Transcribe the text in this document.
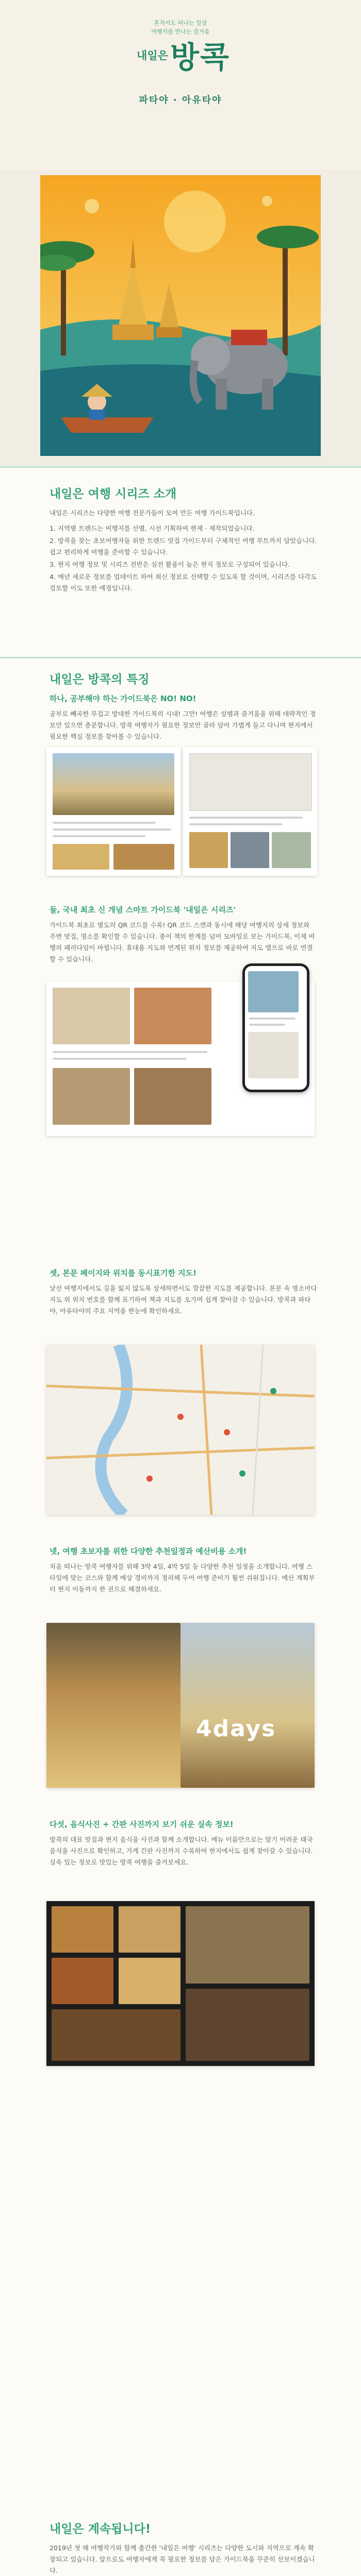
혼자서도 떠나는 일상
여행지를 만나는 즐거움
내일은 방콕
파타야 · 아유타야
내일은 여행 시리즈 소개
내일은 시리즈는 다양한 여행 전문가들이 모여 만든 여행 가이드북입니다.
1. 지역별 트렌드는 여행지를 선별, 시선 기획하여 현재 · 제작되었습니다.
2. 방콕을 찾는 초보여행자들 위한 트렌드 맛집 가이드부터 구체적인 여행 루트까지 담았습니다. 쉽고 편리하게 여행을 준비할 수 있습니다.
3. 현지 여행 정보 및 시리즈 전반은 실전 활용이 높은 현지 정보로 구성되어 있습니다.
4. 매년 새로운 정보를 업데이트 하여 최신 정보로 선택할 수 있도록 할 것이며, 시리즈를 다각도 검토할 이도 또한 예정입니다.
내일은 방콕의 특징
하나, 공부해야 하는 가이드북은 NO! NO!
공부로 빼곡한 무겁고 방대한 가이드북의 시대! 그만! 여행은 설렘과 즐거움을 위해 대략적인 정보만 있으면 충분합니다. 방콕 여행자가 필요한 정보만 골라 담아 가볍게 들고 다니며 현지에서 필요한 핵심 정보를 찾아볼 수 있습니다.
둘, 국내 최초 신 개념 스마트 가이드북 '내일은 시리즈'
가이드북 최초로 별도의 QR 코드를 수록! QR 코드 스캔과 동시에 해당 여행지의 상세 정보와 주변 맛집, 명소를 확인할 수 있습니다. 종이 책의 한계를 넘어 모바일로 보는 가이드북, 이제 여행의 패러다임이 바뀝니다. 휴대용 지도와 연계된 위치 정보를 제공하여 지도 앱으로 바로 연결할 수 있습니다.
셋, 본문 페이지와 위치를 동시표기한 지도!
낯선 여행지에서도 길을 잃지 않도록 상세하면서도 깔끔한 지도를 제공합니다. 본문 속 명소마다 지도 위 위치 번호를 함께 표기하여 책과 지도를 오가며 쉽게 찾아갈 수 있습니다. 방콕과 파타야, 아유타야의 주요 지역을 한눈에 확인하세요.
넷, 여행 초보자를 위한 다양한 추천일정과 예산비용 소개!
처음 떠나는 방콕 여행자를 위해 3박 4일, 4박 5일 등 다양한 추천 일정을 소개합니다. 여행 스타일에 맞는 코스와 함께 예상 경비까지 정리해 두어 여행 준비가 훨씬 쉬워집니다. 예산 계획부터 현지 이동까지 한 권으로 해결하세요.
4days
다섯, 음식사진 + 간판 사진까지 보기 쉬운 실속 정보!
방콕의 대표 맛집과 현지 음식을 사진과 함께 소개합니다. 메뉴 이름만으로는 알기 어려운 태국 음식을 사진으로 확인하고, 가게 간판 사진까지 수록하여 현지에서도 쉽게 찾아갈 수 있습니다. 실속 있는 정보로 맛있는 방콕 여행을 즐겨보세요.
내일은 계속됩니다!
2019년 첫 해 여행작가와 함께 출간한 '내일은 여행' 시리즈는 다양한 도시와 지역으로 계속 확장되고 있습니다. 앞으로도 여행자에게 꼭 필요한 정보를 담은 가이드북을 꾸준히 선보이겠습니다.
